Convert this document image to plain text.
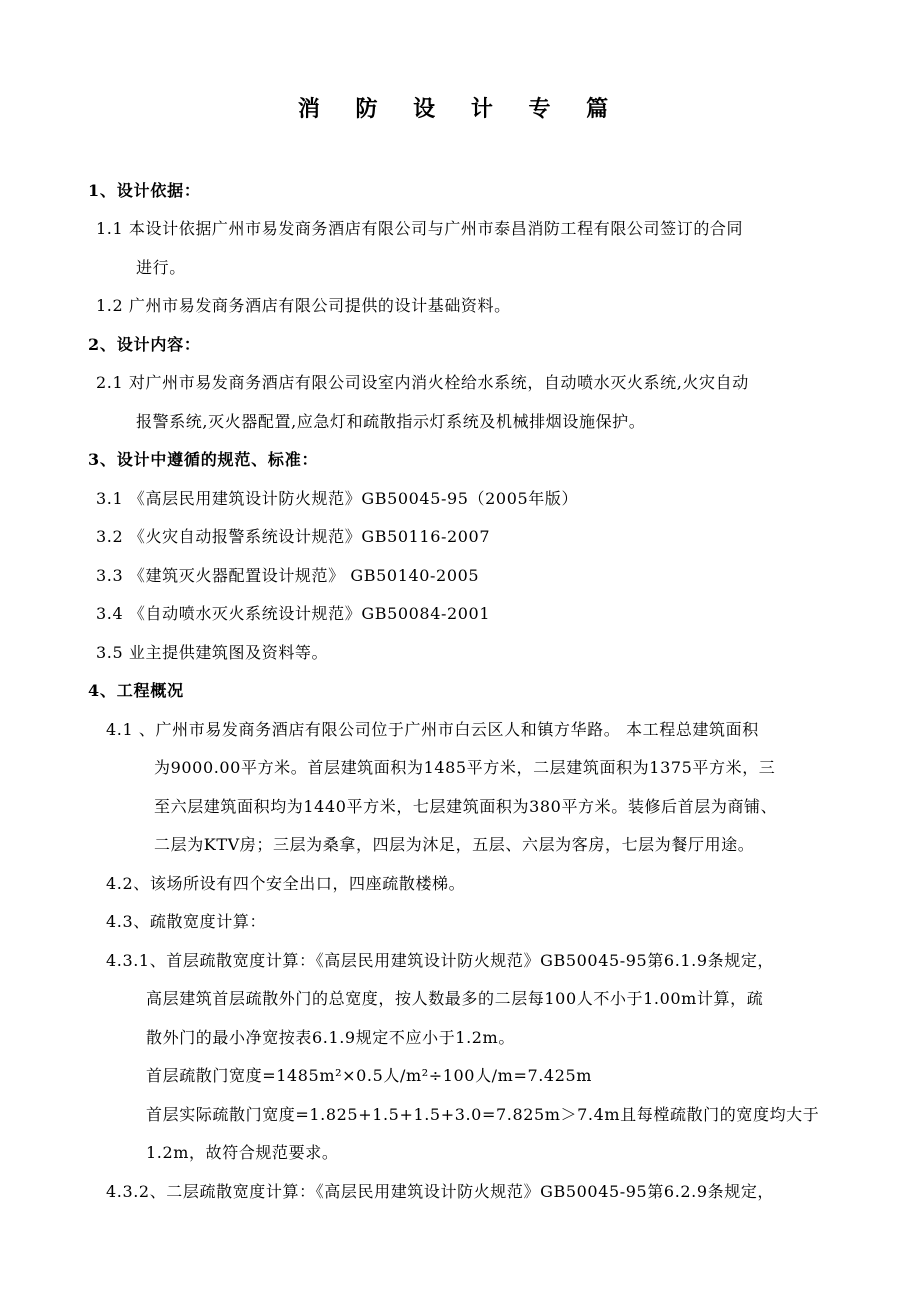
消 防 设 计 专 篇
1、设计依据：
1.1 本设计依据广州市易发商务酒店有限公司与广州市泰昌消防工程有限公司签订的合同
进行。
1.2 广州市易发商务酒店有限公司提供的设计基础资料。
2、设计内容：
2.1 对广州市易发商务酒店有限公司设室内消火栓给水系统，自动喷水灭火系统,火灾自动
报警系统,灭火器配置,应急灯和疏散指示灯系统及机械排烟设施保护。
3、设计中遵循的规范、标准：
3.1 《高层民用建筑设计防火规范》GB50045-95（2005年版）
3.2 《火灾自动报警系统设计规范》GB50116-2007
3.3 《建筑灭火器配置设计规范》 GB50140-2005
3.4 《自动喷水灭火系统设计规范》GB50084-2001
3.5 业主提供建筑图及资料等。
4、工程概况
4.1 、广州市易发商务酒店有限公司位于广州市白云区人和镇方华路。 本工程总建筑面积
为9000.00平方米。首层建筑面积为1485平方米，二层建筑面积为1375平方米，三
至六层建筑面积均为1440平方米，七层建筑面积为380平方米。装修后首层为商铺、
二层为KTV房；三层为桑拿，四层为沐足，五层、六层为客房，七层为餐厅用途。
4.2、该场所设有四个安全出口，四座疏散楼梯。
4.3、疏散宽度计算：
4.3.1、首层疏散宽度计算：《高层民用建筑设计防火规范》GB50045-95第6.1.9条规定，
高层建筑首层疏散外门的总宽度，按人数最多的二层每100人不小于1.00m计算，疏
散外门的最小净宽按表6.1.9规定不应小于1.2m。
首层疏散门宽度=1485m²×0.5人/m²÷100人/m=7.425m
首层实际疏散门宽度=1.825+1.5+1.5+3.0=7.825m＞7.4m且每樘疏散门的宽度均大于
1.2m，故符合规范要求。
4.3.2、二层疏散宽度计算：《高层民用建筑设计防火规范》GB50045-95第6.2.9条规定，
